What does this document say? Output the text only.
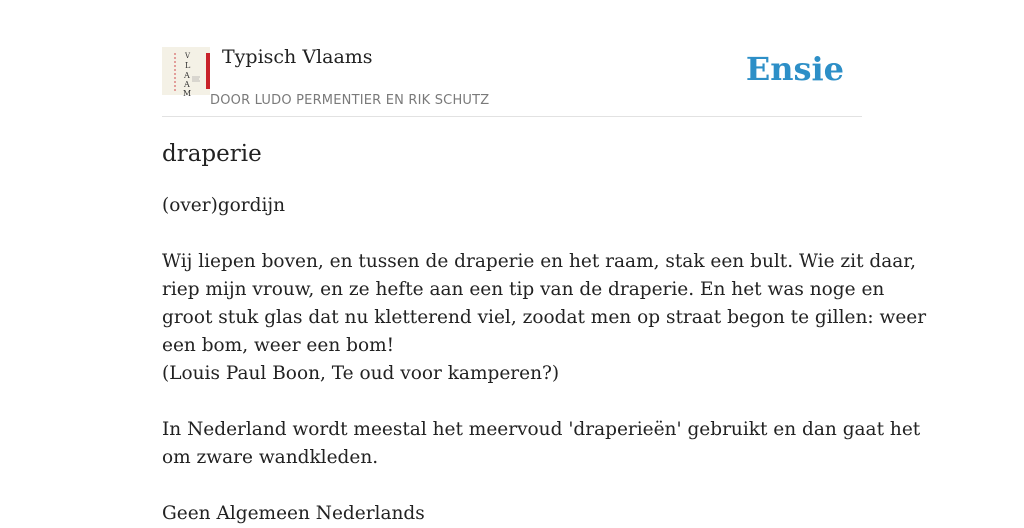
V
L
A
A
M
Typisch Vlaams
DOOR LUDO PERMENTIER EN RIK SCHUTZ
Ensie
draperie
(over)gordijn
Wij liepen boven, en tussen de draperie en het raam, stak een bult. Wie zit daar,
riep mijn vrouw, en ze hefte aan een tip van de draperie. En het was noge en
groot stuk glas dat nu kletterend viel, zoodat men op straat begon te gillen: weer
een bom, weer een bom!
(Louis Paul Boon, Te oud voor kamperen?)
In Nederland wordt meestal het meervoud 'draperieën' gebruikt en dan gaat het
om zware wandkleden.
Geen Algemeen Nederlands
